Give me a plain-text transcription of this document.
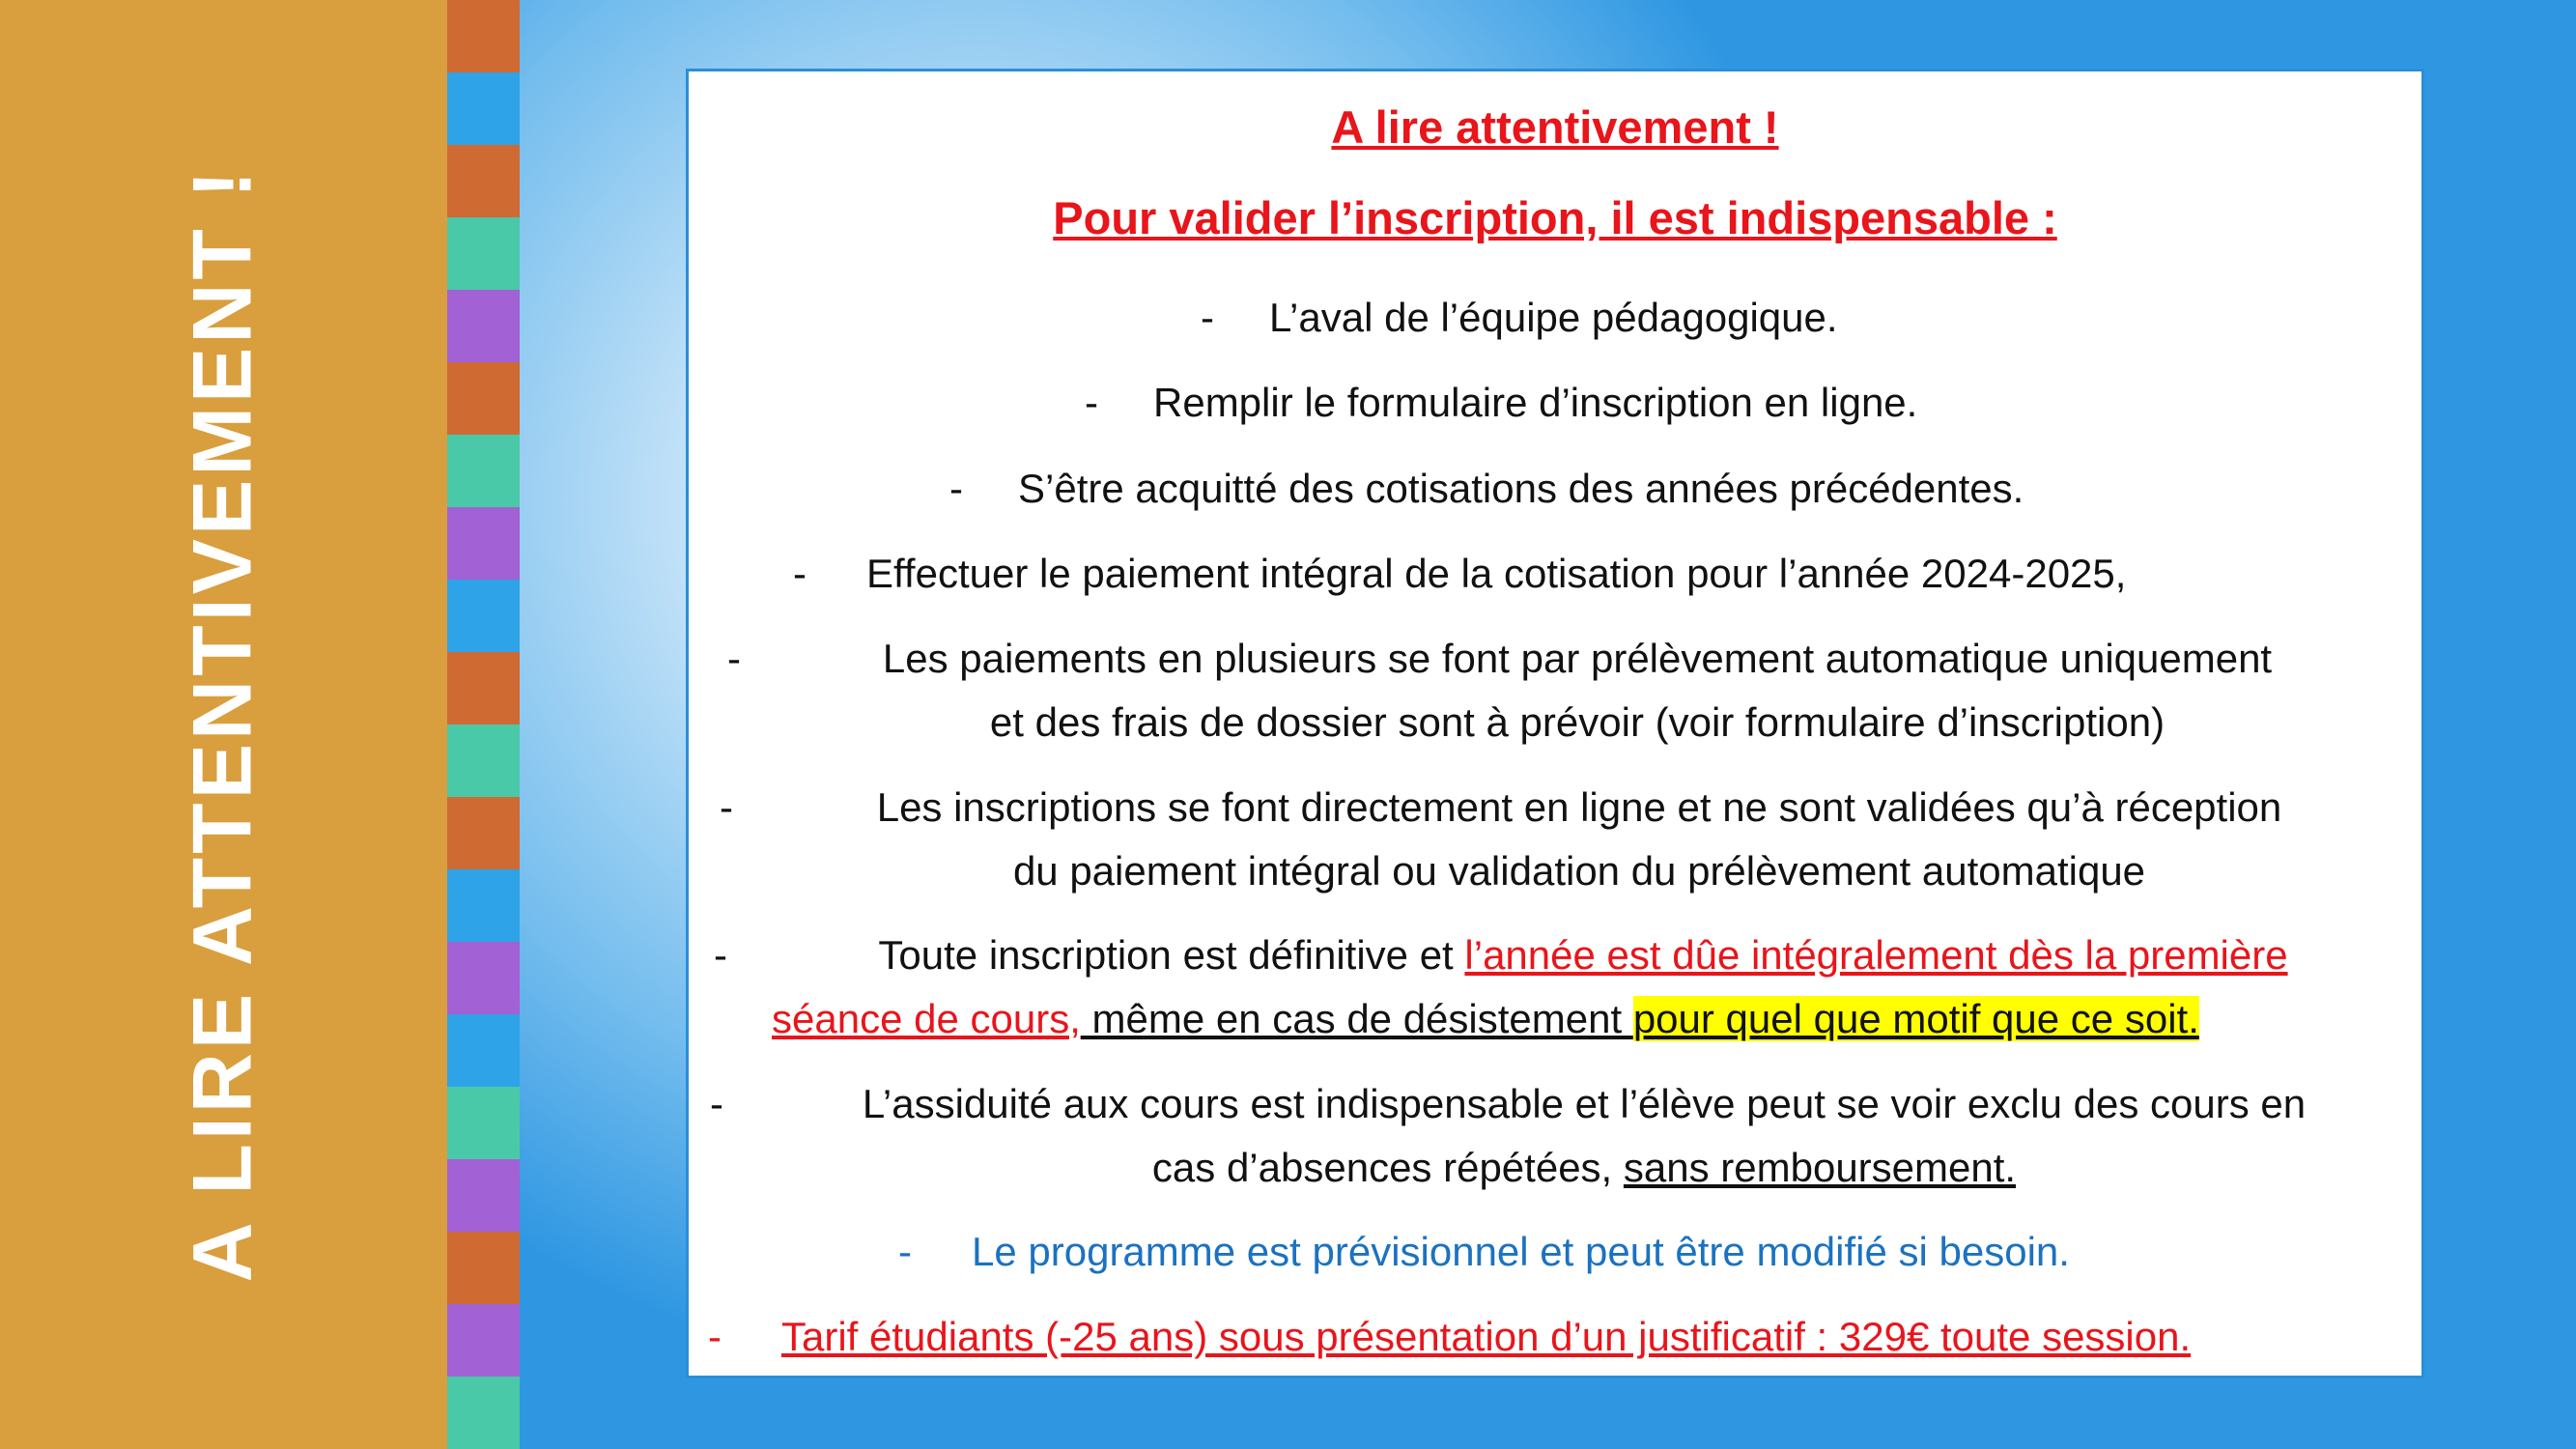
A LIRE ATTENTIVEMENT !
A lire attentivement !
Pour valider l’inscription, il est indispensable :
- L’aval de l’équipe pédagogique.
- Remplir le formulaire d’inscription en ligne.
- S’être acquitté des cotisations des années précédentes.
- Effectuer le paiement intégral de la cotisation pour l’année 2024-2025,
-	Les paiements en plusieurs se font par prélèvement automatique uniquement
et des frais de dossier sont à prévoir (voir formulaire d’inscription)
-	Les inscriptions se font directement en ligne et ne sont validées qu’à réception
du paiement intégral ou validation du prélèvement automatique
-	Toute inscription est définitive et l’année est dûe intégralement dès la première
séance de cours, même en cas de désistement pour quel que motif que ce soit.
-	L’assiduité aux cours est indispensable et l’élève peut se voir exclu des cours en
cas d’absences répétées, sans remboursement.
- Le programme est prévisionnel et peut être modifié si besoin.
- Tarif étudiants (-25 ans) sous présentation d’un justificatif : 329€ toute session.
